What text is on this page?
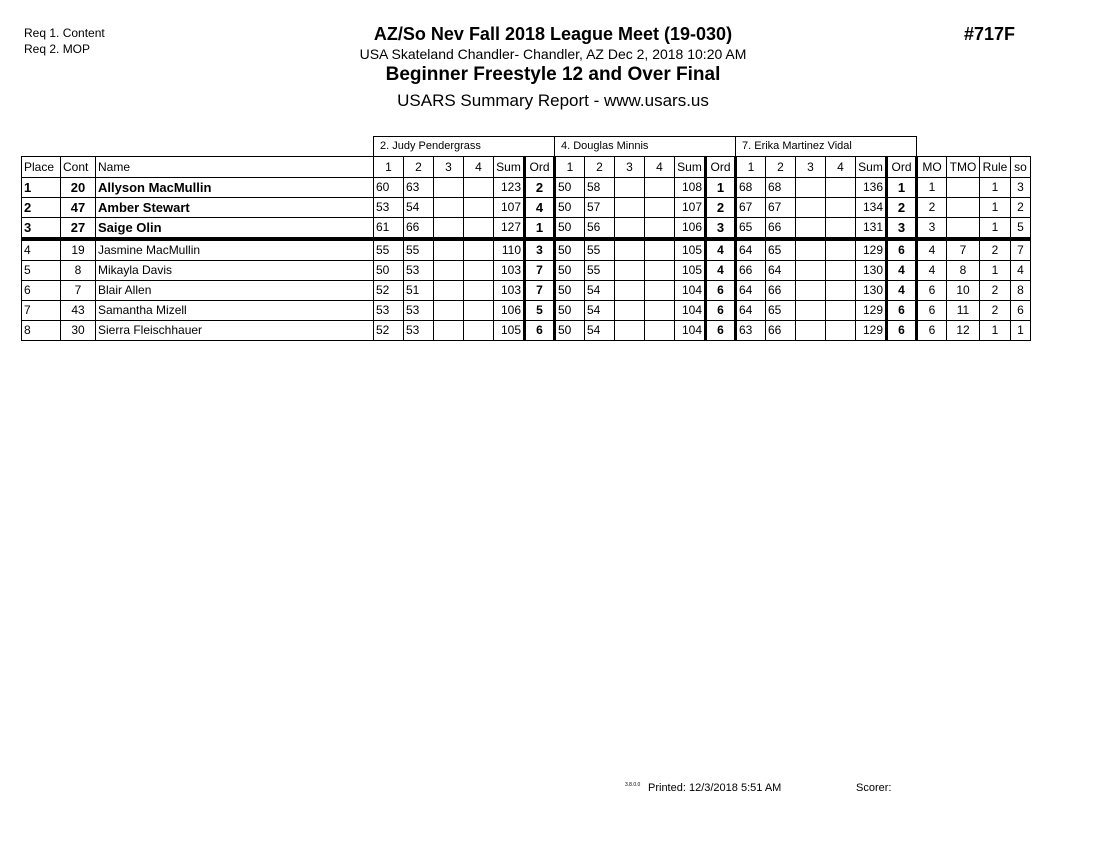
Req 1. Content
Req 2. MOP
AZ/So Nev Fall 2018 League Meet (19-030)
USA Skateland Chandler- Chandler, AZ Dec 2, 2018 10:20 AM
Beginner Freestyle 12 and Over Final
USARS Summary Report - www.usars.us
#717F
			2. Judy Pendergrass						4. Douglas Minnis						7. Erika Martinez Vidal									
Place	Cont	Name	1	2	3	4	Sum	Ord	1	2	3	4	Sum	Ord	1	2	3	4	Sum	Ord	MO	TMO	Rule	so
1	20	Allyson MacMullin	60	63			123	2	50	58			108	1	68	68			136	1	1		1	3
2	47	Amber Stewart	53	54			107	4	50	57			107	2	67	67			134	2	2		1	2
3	27	Saige Olin	61	66			127	1	50	56			106	3	65	66			131	3	3		1	5
4	19	Jasmine MacMullin	55	55			110	3	50	55			105	4	64	65			129	6	4	7	2	7
5	8	Mikayla Davis	50	53			103	7	50	55			105	4	66	64			130	4	4	8	1	4
6	7	Blair Allen	52	51			103	7	50	54			104	6	64	66			130	4	6	10	2	8
7	43	Samantha Mizell	53	53			106	5	50	54			104	6	64	65			129	6	6	11	2	6
8	30	Sierra Fleischhauer	52	53			105	6	50	54			104	6	63	66			129	6	6	12	1	1
3.8.0.0 Printed: 12/3/2018 5:51 AM	Scorer:
